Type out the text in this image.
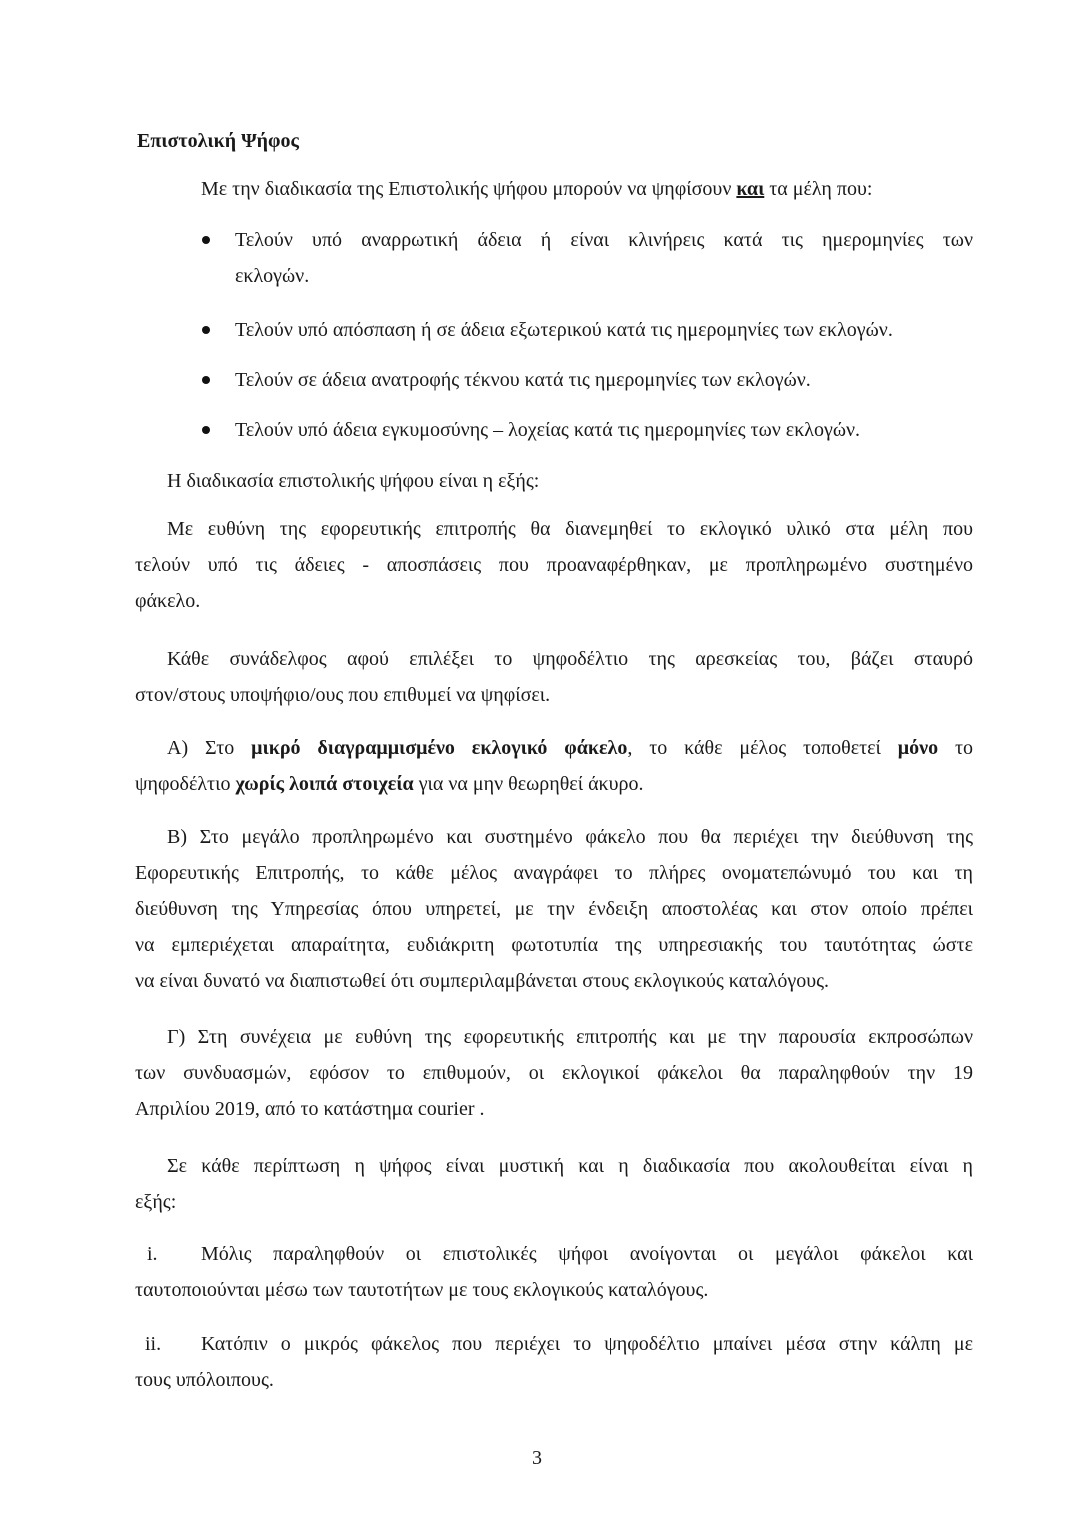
Επιστολική Ψήφος
Με την διαδικασία της Επιστολικής ψήφου μπορούν να ψηφίσουν και τα μέλη που:
Τελούν υπό αναρρωτική άδεια ή είναι κλινήρεις κατά τις ημερομηνίες των
εκλογών.
Τελούν υπό απόσπαση ή σε άδεια εξωτερικού κατά τις ημερομηνίες των εκλογών.
Τελούν σε άδεια ανατροφής τέκνου κατά τις ημερομηνίες των εκλογών.
Τελούν υπό άδεια εγκυμοσύνης – λοχείας κατά τις ημερομηνίες των εκλογών.
Η διαδικασία επιστολικής ψήφου είναι η εξής:
Με ευθύνη της εφορευτικής επιτροπής θα διανεμηθεί το εκλογικό υλικό στα μέλη που
τελούν υπό τις άδειες - αποσπάσεις που προαναφέρθηκαν, με προπληρωμένο συστημένο
φάκελο.
Κάθε συνάδελφος αφού επιλέξει το ψηφοδέλτιο της αρεσκείας του, βάζει σταυρό
στον/στους υποψήφιο/ους που επιθυμεί να ψηφίσει.
Α) Στο μικρό διαγραμμισμένο εκλογικό φάκελο, το κάθε μέλος τοποθετεί μόνο το
ψηφοδέλτιο χωρίς λοιπά στοιχεία για να μην θεωρηθεί άκυρο.
Β) Στο μεγάλο προπληρωμένο και συστημένο φάκελο που θα περιέχει την διεύθυνση της
Εφορευτικής Επιτροπής, το κάθε μέλος αναγράφει το πλήρες ονοματεπώνυμό του και τη
διεύθυνση της Υπηρεσίας όπου υπηρετεί, με την ένδειξη αποστολέας και στον οποίο πρέπει
να εμπεριέχεται απαραίτητα, ευδιάκριτη φωτοτυπία της υπηρεσιακής του ταυτότητας ώστε
να είναι δυνατό να διαπιστωθεί ότι συμπεριλαμβάνεται στους εκλογικούς καταλόγους.
Γ) Στη συνέχεια με ευθύνη της εφορευτικής επιτροπής και με την παρουσία εκπροσώπων
των συνδυασμών, εφόσον το επιθυμούν, οι εκλογικοί φάκελοι θα παραληφθούν την 19
Απριλίου 2019, από το κατάστημα courier .
Σε κάθε περίπτωση η ψήφος είναι μυστική και η διαδικασία που ακολουθείται είναι η
εξής:
i. Μόλις παραληφθούν οι επιστολικές ψήφοι ανοίγονται οι μεγάλοι φάκελοι και
ταυτοποιούνται μέσω των ταυτοτήτων με τους εκλογικούς καταλόγους.
ii. Κατόπιν ο μικρός φάκελος που περιέχει το ψηφοδέλτιο μπαίνει μέσα στην κάλπη με
τους υπόλοιπους.
3
